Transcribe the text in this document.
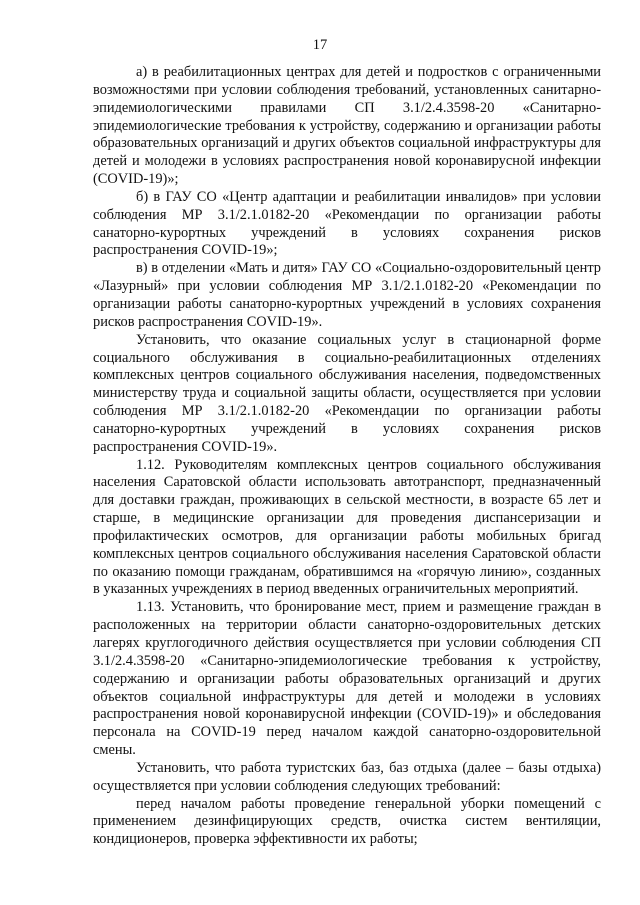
17

а) в реабилитационных центрах для детей и подростков с ограниченными возможностями при условии соблюдения требований, установленных санитарно-эпидемиологическими правилами СП 3.1/2.4.3598-20 «Санитарно-эпидемиологические требования к устройству, содержанию и организации работы образовательных организаций и других объектов социальной инфраструктуры для детей и молодежи в условиях распространения новой коронавирусной инфекции (COVID-19)»;

б) в ГАУ СО «Центр адаптации и реабилитации инвалидов» при условии соблюдения МР 3.1/2.1.0182-20 «Рекомендации по организации работы санаторно-курортных учреждений в условиях сохранения рисков распространения COVID-19»;

в) в отделении «Мать и дитя» ГАУ СО «Социально-оздоровительный центр «Лазурный» при условии соблюдения МР 3.1/2.1.0182-20 «Рекомендации по организации работы санаторно-курортных учреждений в условиях сохранения рисков распространения COVID-19».

Установить, что оказание социальных услуг в стационарной форме социального обслуживания в социально-реабилитационных отделениях комплексных центров социального обслуживания населения, подведомственных министерству труда и социальной защиты области, осуществляется при условии соблюдения МР 3.1/2.1.0182-20 «Рекомендации по организации работы санаторно-курортных учреждений в условиях сохранения рисков распространения COVID-19».

1.12. Руководителям комплексных центров социального обслуживания населения Саратовской области использовать автотранспорт, предназначенный для доставки граждан, проживающих в сельской местности, в возрасте 65 лет и старше, в медицинские организации для проведения диспансеризации и профилактических осмотров, для организации работы мобильных бригад комплексных центров социального обслуживания населения Саратовской области по оказанию помощи гражданам, обратившимся на «горячую линию», созданных в указанных учреждениях в период введенных ограничительных мероприятий.

1.13. Установить, что бронирование мест, прием и размещение граждан в расположенных на территории области санаторно-оздоровительных детских лагерях круглогодичного действия осуществляется при условии соблюдения СП 3.1/2.4.3598-20 «Санитарно-эпидемиологические требования к устройству, содержанию и организации работы образовательных организаций и других объектов социальной инфраструктуры для детей и молодежи в условиях распространения новой коронавирусной инфекции (COVID-19)» и обследования персонала на COVID-19 перед началом каждой санаторно-оздоровительной смены.

Установить, что работа туристских баз, баз отдыха (далее – базы отдыха) осуществляется при условии соблюдения следующих требований:

перед началом работы проведение генеральной уборки помещений с применением дезинфицирующих средств, очистка систем вентиляции, кондиционеров, проверка эффективности их работы;
